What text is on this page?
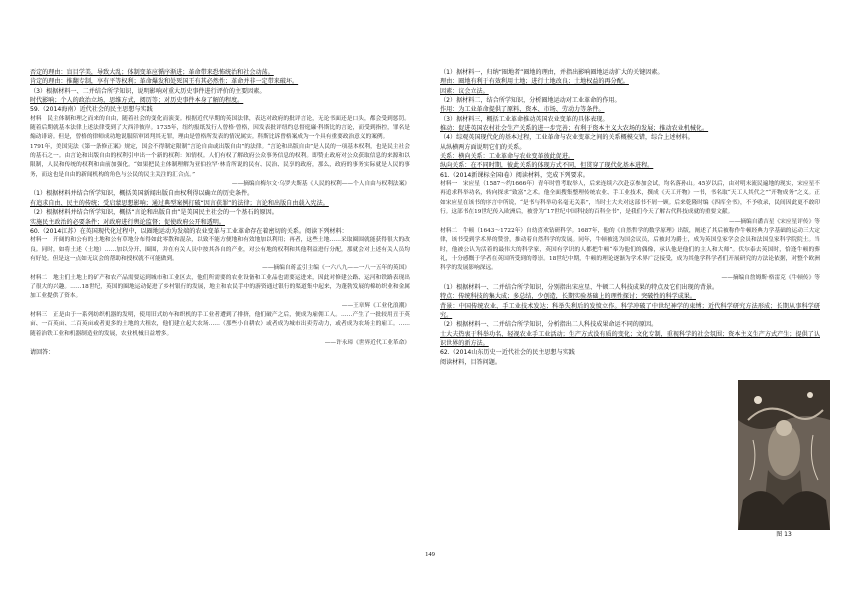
否定的理由：盲目学美，导致大乱；体制变革应循序渐进；革命带来恐怖统治和社会动荡。

肯定的理由：推翻专制，享有平等权利；革命爆发和处死国王有其必然性；革命并非一定带来破坏。

（3）根据材料一、二并结合所学知识，说明影响对重大历史事件进行评价的主要因素。

时代影响；个人的政治立场，思维方式，阅历等；对历史事件本身了解的程度。

59.（2014海南）近代社会的民主思想与实践

材料　民主体制和理之而来的自由，随着社会的变化而演变。根据近代早期的英国法律，表达对政府的批评言论，无论书面还是口头，都会受到惩罚。随着后期就基本法律上述法律受到了大西洋彼岸。1735年，纽约报纸发行人曾格·曾格，因发表批评纽约总督庭廉·科斯比的言论，而受到指控，罪名是煽动诽谤。但是，曾格的律师成功地说服陪审团判其无罪，理由是曾格所发表的情况属实。科斯比诉曾格案成为一个具有重要政治意义的案例。

1791年，美国宪法《第一条修正案》规定，国会不得制定限制“言论自由或出版自由”的法律。“言论和出版自由”是人民的一项基本权利，也是民主社会的基石之一。由言论和出版自由的权利引申出一个新的权利：知情权。人们有权了解政府公众事务信息的权利。即赞止政府对公众获取信息的来源和以限制，人民和传统的权利和由前加强化。“如果把民主体制理解为亚伯拉罕·林肯所说的民有、民治、民享的政府，那么，政府的事务实际就是人民的事务，而这也是自由的新闻机构的角色与公民的民主关注的汇合点。”

——摘编自梅尔文·乌罗夫斯基《人民的权利——个人自由与权利法案》

（1）根据材料并结合所学知识，概括美国新闻出版自由权利得以确立的历史条件。

有追求自由、民主的传统；受启蒙思想影响；通过典型案例打破“因言获罪”的法律；言论和出版自由载入宪法。

（2）根据材料并结合所学知识，概括“言论和出版自由”是美国民主社会的一个基石的原因。

实施民主政治的必要条件；对政府进行舆论监督；促使政府公开和透明。

60.（2014江苏）在英国现代化过程中，以圈地运动为发端的农业变革与工业革命存在着密切的关系。阅读下列材料：

材料一　开阔的和公有的土地和公有草地分布得如此零散和混杂，以致不能方便地和有效地加以利用；再者，这些土地……采取圈围就能获得很大的改良。同时，如将土述（土地）……加以分开、圈围，并在有关人员中按其各自的产业，对公有地的权利和其他利益进行分配，那就会对上述有关人员均有好处。但是这一点如无议会的帮助和授权就不可能做到。

——摘编自蒋孟引主编《一六八九——一八一五年的英国》

材料二　地主们土地上的矿产和农产品需要运到城市和工业区去，他们所需要的农业设备和工业品也需要运进来，因此对修建公路、运河和铁路表现出了很大的兴趣。……18世纪，英国的圈地运动促进了乡村银行的发展，地主和农民手中的游资通过银行的渠道集中起来，为蓬勃发展的棉纺织业和金属加工业提供了资本。

——王章辉《工业化浪潮》

材料三　正是由于一系列纺织机器的发明，使用旧式纺车和织机的手工业者遭到了排挤，他们破产之后，便成为雇佣工人。……产生了一批较用丑于英亩、一百英亩、二百英亩或者更多的土地的大租农，他们建立起大农场……（那些小自耕农）或者成为城市出卖劳动力，或者成为农场主的雇工。……随着治铁工业和机器制造业的发展，农业机械日益增多。

——许永璋《世界近代工业革命》

请回答：

（1）据材料一，归纳“圈地者”圈地的理由，并指出影响圈地运动扩大的关键因素。

理由：圈地有利于有效利用土地；进行土地改良；土地权益的再分配。

因素：议会立法。

（2）据材料二，结合所学知识，分析圈地运动对工业革命的作用。

作用：为工业革命提供了原料、资本、市场、劳动力等条件。

（3）据材料三，概括工业革命推动英国农业变革的具体表现。

推动：促进英国农村社会生产关系的进一步完善；有利于资本主义大农场的发展；推动农业机械化。

（4）综观英国现代化的基本过程，工业革命与农业变革之间的关系概模交错，综合上述材料。

从纵横两方面说明它们的关系。

关系：横向关系：工业革命与农业变革彼此促进。

纵向关系：在不同时期，彼此关系的体现方式不同，但贯穿了现代化基本进程。

61.（2014新课标全国Ⅰ卷）阅读材料，完成下列要求。

材料一　宋应星（1587～约1666年）青年时曾考取举人，后来连续六次赴京参加会试，均名落孙山。45岁以后，由对明末流民遍地的现实，宋应星不再追求科举功名，转向探求“致富”之术。他全面搜集整理传统农业、手工业技术，撰成《天工开物》一书，书名取“天工人其代之”“开物成务”之义。正如宋应星在该书的序言中所说，“是书与科举功名毫无关系”，当时士大夫对这部书不屑一顾。后来乾隆时编《四库全书》，不予收录，民间因此更不敢印行。这部书在19世纪传入欧洲后，被誉为“17世纪中国科技的百科全书”，是我们今天了解古代科技成就的重要文献。

——摘编自潘吉星《宋应星评传》等

材料二　牛顿（1643～1722年）自幼喜欢钻研科学。1687年，他的《自然哲学的数学原理》出版，阐述了其后被称作牛顿经典力学基础的运动三大定律，该书受到学术界的赞誉，推动着自然科学的发展。同年，牛顿被选为国会议员，后被封为爵士，成为英国皇家学会会员和法国皇家科学院院士。当时，他被公认为活着的最伟大的科学家，英国有学识的人都把牛顿“奉为他们的偶像，承认他是他们的主人和大师”。伏尔泰去英国时，恰逢牛顿的葬礼，十分感慨于学者在英国所受到的尊崇。18世纪中期，牛顿的理论逐渐为学术界广泛接受，成为其他学科学者们开展研究的方法论依据，对整个欧洲科学的发展影响深远。

——摘编自詹姆斯·格雷克《牛顿传》等

（1）根据材料一、二并结合所学知识，分别指出宋应星、牛顿二人科技成果的特点及它们出现的背景。

特点：传统科技的集大成；多总结，少创造，长期实验基础上的理性探讨；突破性的科学成果。

背景：中国传统农业、手工业技术发达；科举失利后的发愤立作。科学冲破了中世纪神学的束缚；近代科学研究方法形成；长期从事科学研究。

（2）根据材料一、二并结合所学知识，分析指出二人科技成果命运不同的原因。

士大夫热衷于科举功名，轻视农业手工业活动；生产方式没有质的变化；文化专制，重视科学的社会氛围；资本主义生产方式产生；提供了认识世界的新方法。

62.（2014山东历史一近代社会的民主思想与实践

阅读材料，目答问题。

图 13
149
